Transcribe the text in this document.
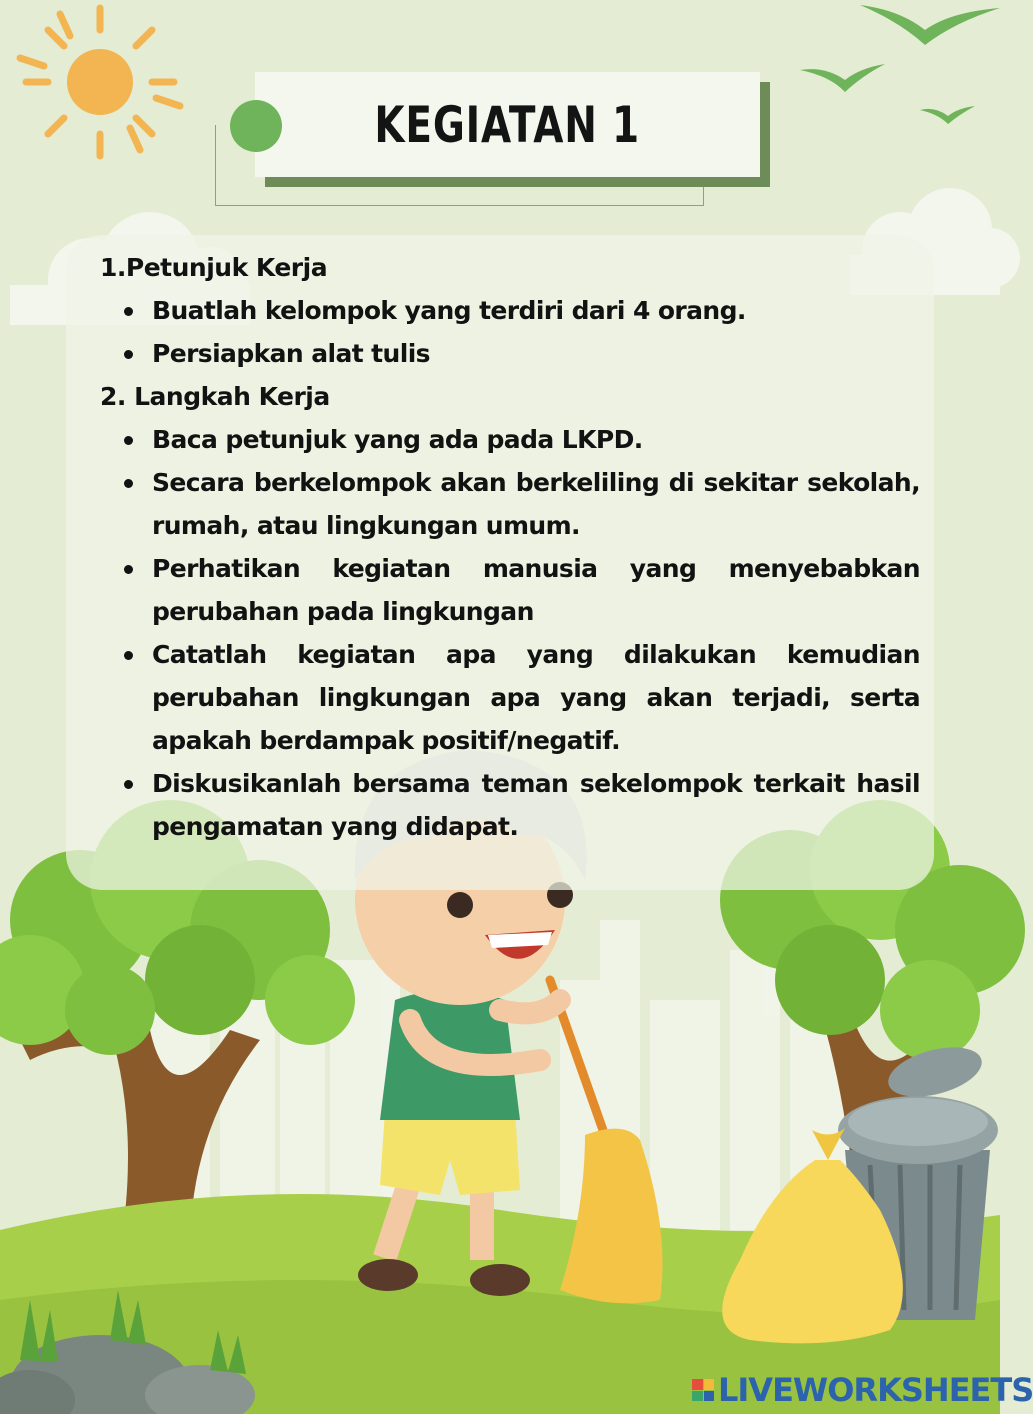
KEGIATAN 1
1.Petunjuk Kerja
Buatlah kelompok yang terdiri dari 4 orang.
Persiapkan alat tulis
2. Langkah Kerja
Baca petunjuk yang ada pada LKPD.
Secara berkelompok akan berkeliling di sekitar sekolah, rumah, atau lingkungan umum.
Perhatikan kegiatan manusia yang menyebabkan perubahan pada lingkungan
Catatlah kegiatan apa yang dilakukan kemudian perubahan lingkungan apa yang akan terjadi, serta apakah berdampak positif/negatif.
Diskusikanlah bersama teman sekelompok terkait hasil pengamatan yang didapat.
LIVEWORKSHEETS
